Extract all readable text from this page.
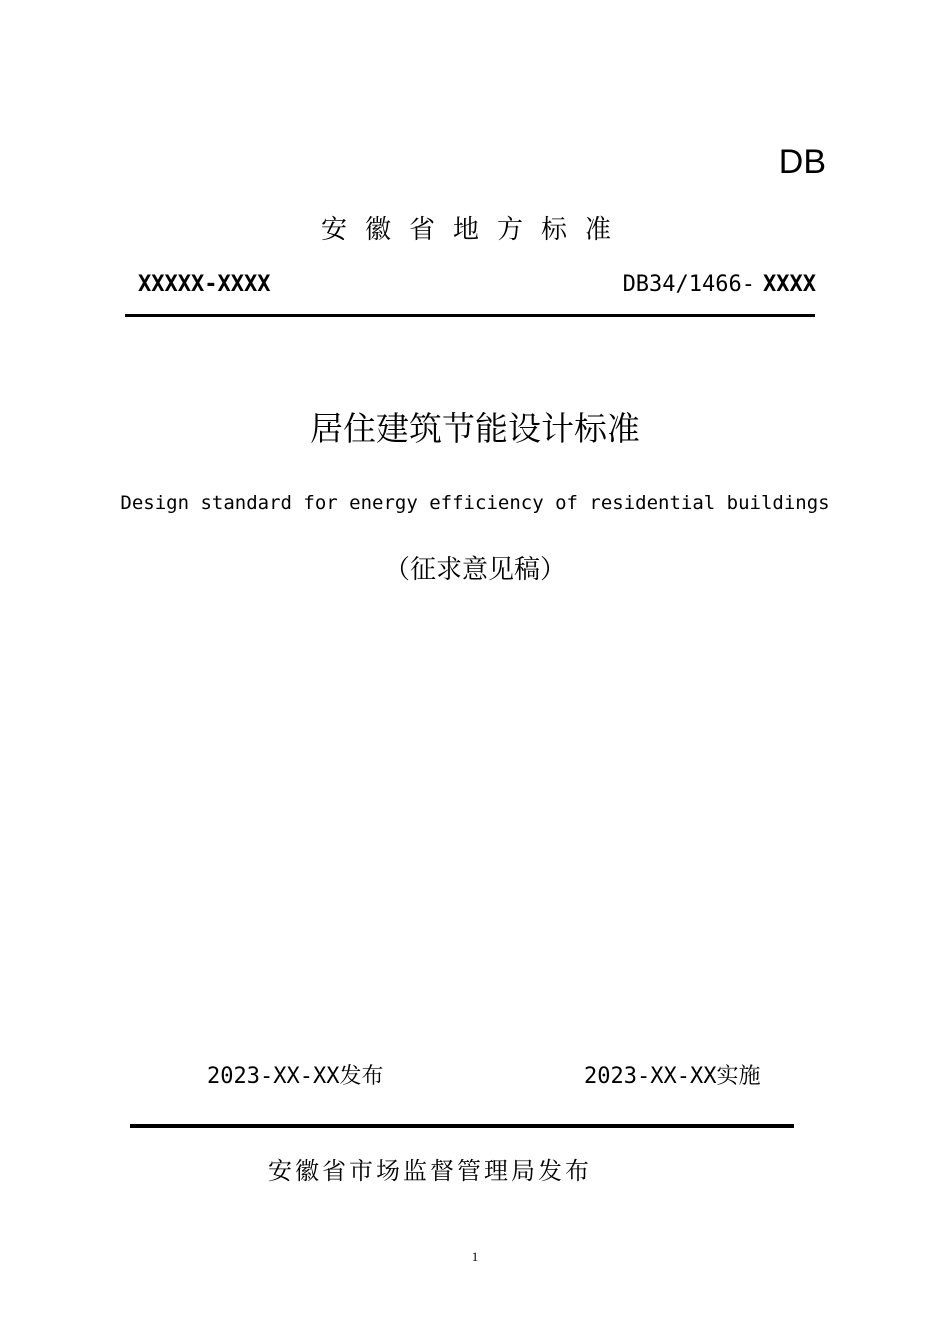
DB
安徽省地方标准
XXXXX-XXXX	DB34/1466- XXXX
居住建筑节能设计标准
Design standard for energy efficiency of residential buildings
（征求意见稿）
2023-XX-XX发布	2023-XX-XX实施
安徽省市场监督管理局发布
1
